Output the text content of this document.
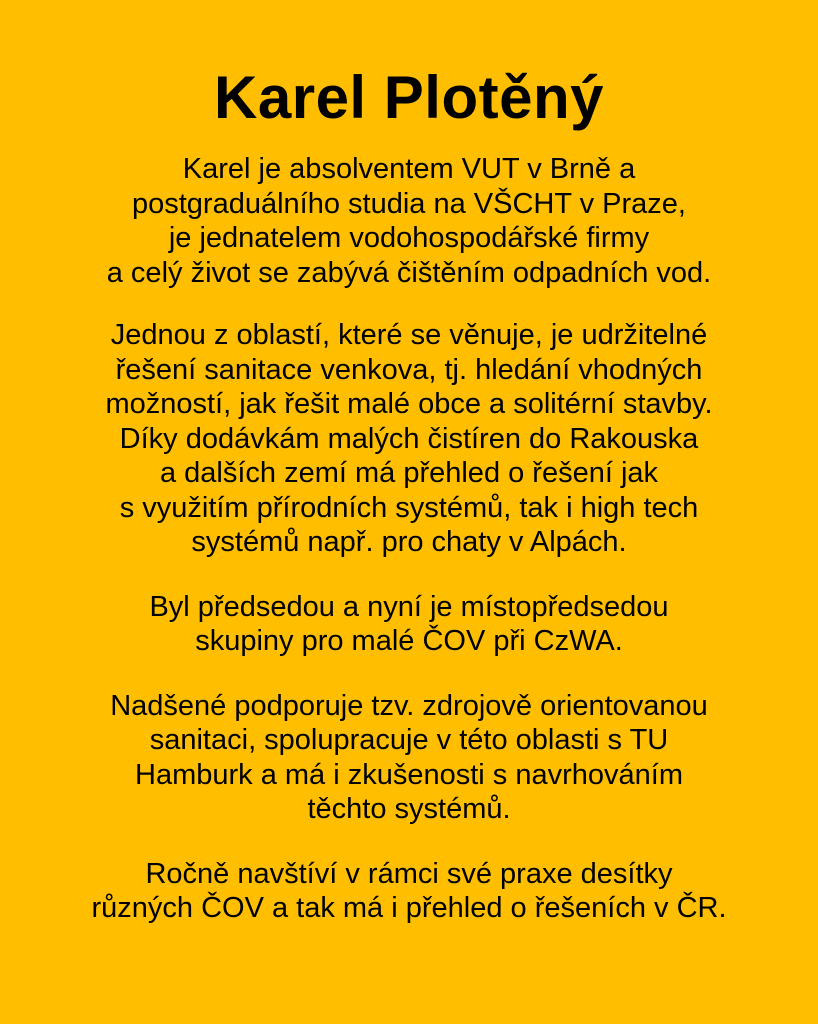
Karel Plotěný

Karel je absolventem VUT v Brně a
postgraduálního studia na VŠCHT v Praze,
je jednatelem vodohospodářské firmy
a celý život se zabývá čištěním odpadních vod.

Jednou z oblastí, které se věnuje, je udržitelné
řešení sanitace venkova, tj. hledání vhodných
možností, jak řešit malé obce a solitérní stavby.
Díky dodávkám malých čistíren do Rakouska
a dalších zemí má přehled o řešení jak
s využitím přírodních systémů, tak i high tech
systémů např. pro chaty v Alpách.

Byl předsedou a nyní je místopředsedou
skupiny pro malé ČOV při CzWA.

Nadšené podporuje tzv. zdrojově orientovanou
sanitaci, spolupracuje v této oblasti s TU
Hamburk a má i zkušenosti s navrhováním
těchto systémů.

Ročně navštíví v rámci své praxe desítky
různých ČOV a tak má i přehled o řešeních v ČR.
